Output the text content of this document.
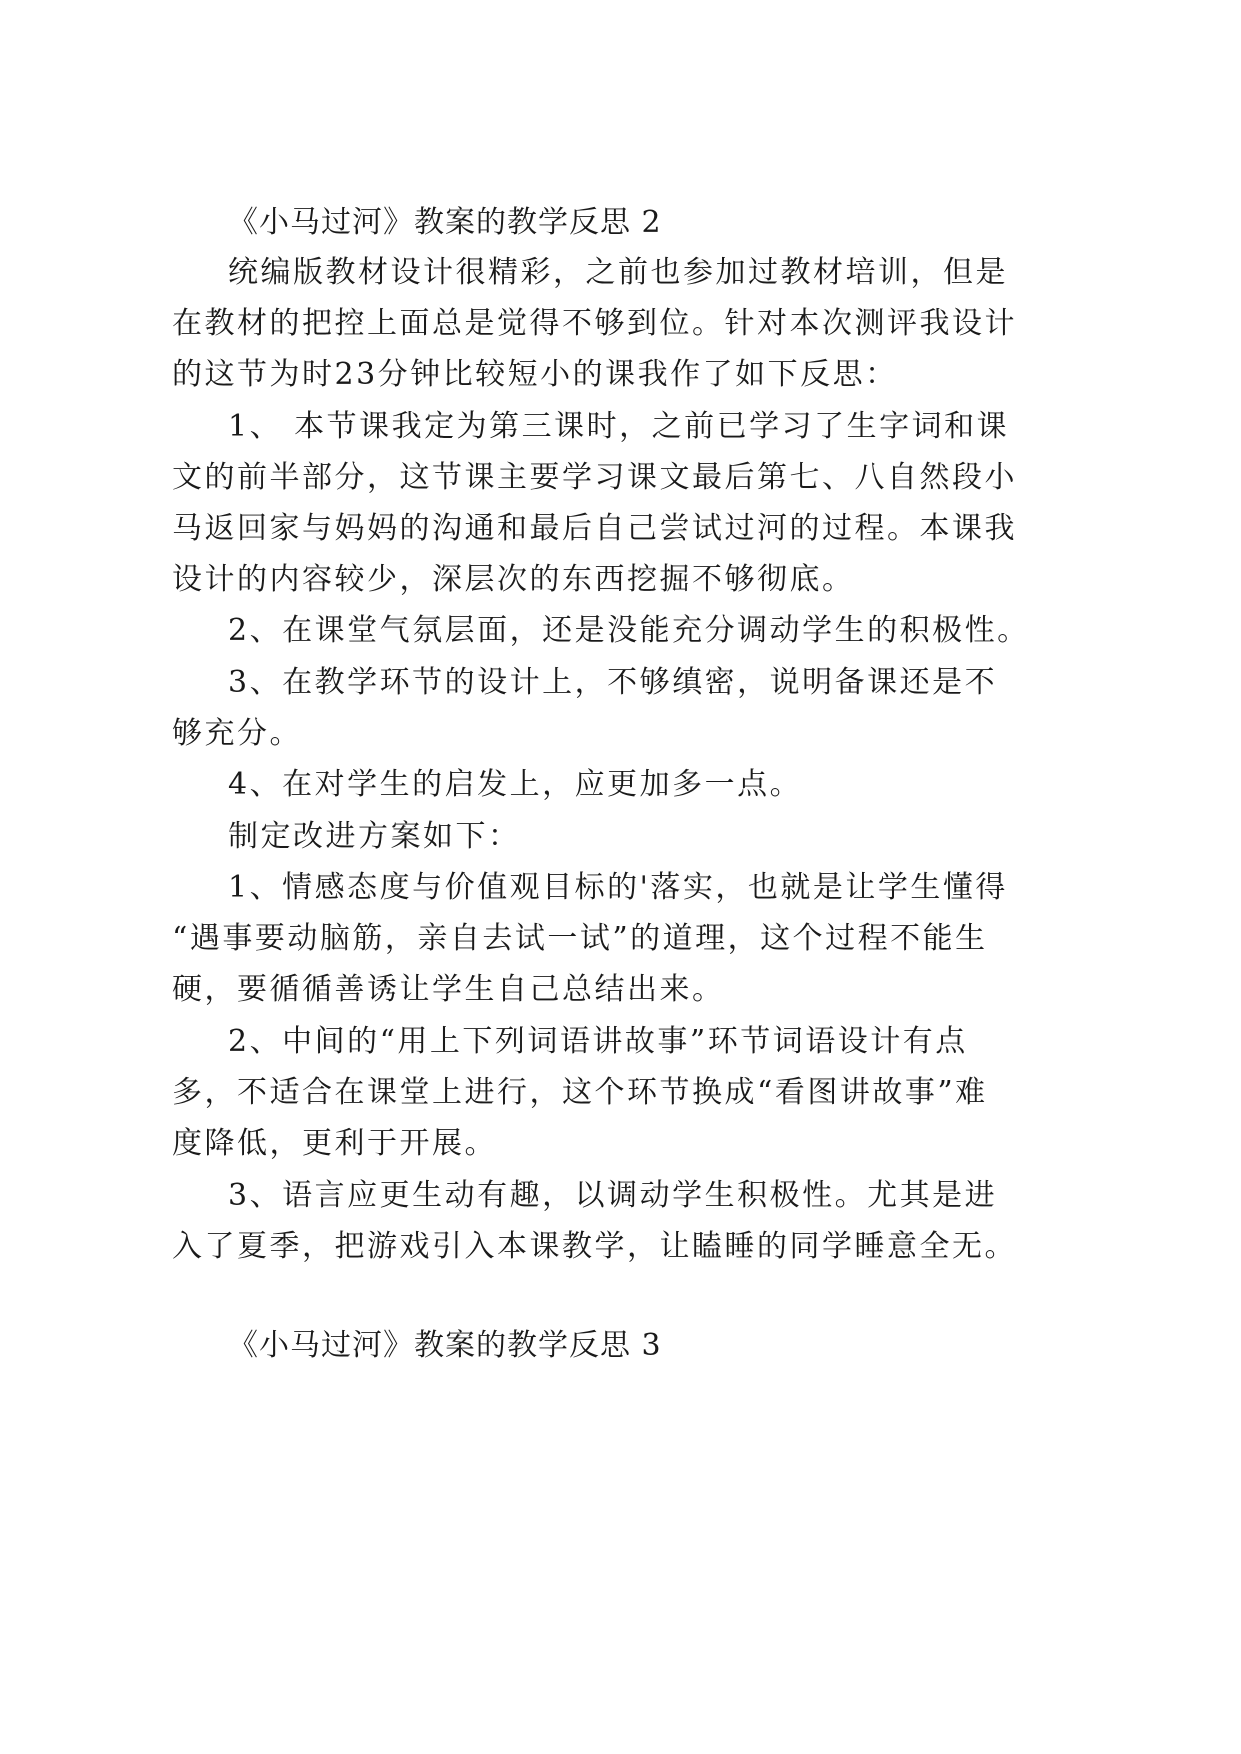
《小马过河》教案的教学反思 2
统编版教材设计很精彩，之前也参加过教材培训，但是
在教材的把控上面总是觉得不够到位。针对本次测评我设计
的这节为时23分钟比较短小的课我作了如下反思：
1、 本节课我定为第三课时，之前已学习了生字词和课
文的前半部分，这节课主要学习课文最后第七、八自然段小
马返回家与妈妈的沟通和最后自己尝试过河的过程。本课我
设计的内容较少，深层次的东西挖掘不够彻底。
2、在课堂气氛层面，还是没能充分调动学生的积极性。
3、在教学环节的设计上，不够缜密，说明备课还是不
够充分。
4、在对学生的启发上，应更加多一点。
制定改进方案如下：
1、情感态度与价值观目标的'落实，也就是让学生懂得
“遇事要动脑筋，亲自去试一试”的道理，这个过程不能生
硬，要循循善诱让学生自己总结出来。
2、中间的“用上下列词语讲故事”环节词语设计有点
多，不适合在课堂上进行，这个环节换成“看图讲故事”难
度降低，更利于开展。
3、语言应更生动有趣，以调动学生积极性。尤其是进
入了夏季，把游戏引入本课教学，让瞌睡的同学睡意全无。
《小马过河》教案的教学反思 3
